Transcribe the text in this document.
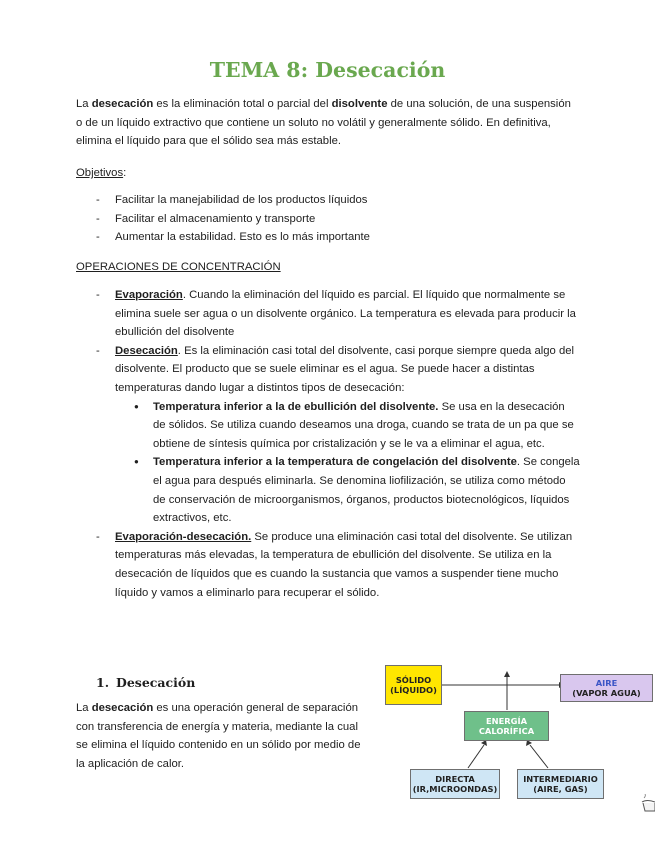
TEMA 8: Desecación

La desecación es la eliminación total o parcial del disolvente de una solución, de una suspensión o de un líquido extractivo que contiene un soluto no volátil y generalmente sólido. En definitiva, elimina el líquido para que el sólido sea más estable.

Objetivos:

- Facilitar la manejabilidad de los productos líquidos
- Facilitar el almacenamiento y transporte
- Aumentar la estabilidad. Esto es lo más importante

OPERACIONES DE CONCENTRACIÓN

- Evaporación. Cuando la eliminación del líquido es parcial. El líquido que normalmente se elimina suele ser agua o un disolvente orgánico. La temperatura es elevada para producir la ebullición del disolvente
- Desecación. Es la eliminación casi total del disolvente, casi porque siempre queda algo del disolvente. El producto que se suele eliminar es el agua. Se puede hacer a distintas temperaturas dando lugar a distintos tipos de desecación:
● Temperatura inferior a la de ebullición del disolvente. Se usa en la desecación de sólidos. Se utiliza cuando deseamos una droga, cuando se trata de un pa que se obtiene de síntesis química por cristalización y se le va a eliminar el agua, etc.
● Temperatura inferior a la temperatura de congelación del disolvente. Se congela el agua para después eliminarla. Se denomina liofilización, se utiliza como método de conservación de microorganismos, órganos, productos biotecnológicos, líquidos extractivos, etc.
- Evaporación-desecación. Se produce una eliminación casi total del disolvente. Se utilizan temperaturas más elevadas, la temperatura de ebullición del disolvente. Se utiliza en la desecación de líquidos que es cuando la sustancia que vamos a suspender tiene mucho líquido y vamos a eliminarlo para recuperar el sólido.
1. Desecación

La desecación es una operación general de separación con transferencia de energía y materia, mediante la cual se elimina el líquido contenido en un sólido por medio de la aplicación de calor.

SÓLIDO
(LÍQUIDO)
AIRE
(VAPOR AGUA)
ENERGÍA
CALORÍFICA
DIRECTA
(IR,MICROONDAS)
INTERMEDIARIO
(AIRE, GAS)
